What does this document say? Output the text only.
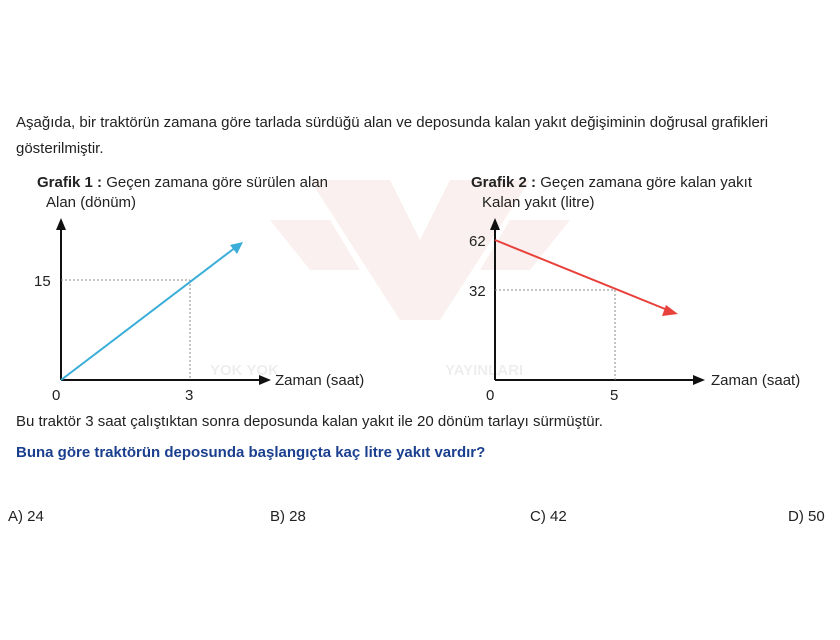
YOK YOK	YAYINLARI
Aşağıda, bir traktörün zamana göre tarlada sürdüğü alan ve deposunda kalan yakıt değişiminin doğrusal grafikleri gösterilmiştir.
Grafik 1 : Geçen zamana göre sürülen alan
Alan (dönüm)
15
0	3
Zaman (saat)
Grafik 2 : Geçen zamana göre kalan yakıt
Kalan yakıt (litre)
62
32
0	5
Zaman (saat)
Bu traktör 3 saat çalıştıktan sonra deposunda kalan yakıt ile 20 dönüm tarlayı sürmüştür.
Buna göre traktörün deposunda başlangıçta kaç litre yakıt vardır?
A) 24	B) 28	C) 42	D) 50
